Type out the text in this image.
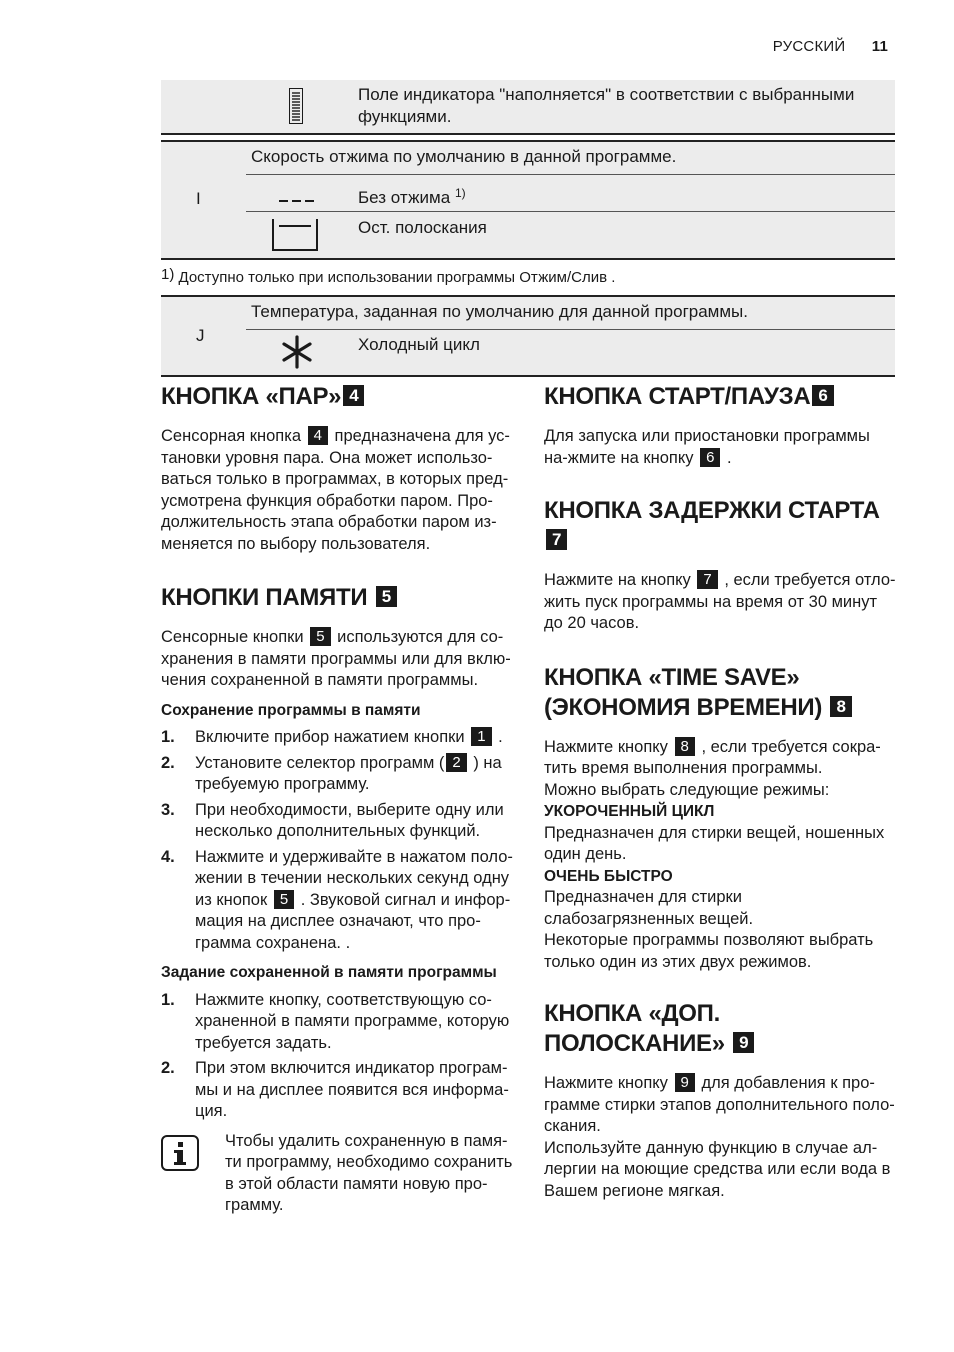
РУССКИЙ 11
Поле индикатора "наполняется" в соответствии с выбранными функциями.
I
Скорость отжима по умолчанию в данной программе.
Без отжима $^{1)}$
Ост. полоскания
1) Доступно только при использовании программы Отжим/Слив .
J
Температура, заданная по умолчанию для данной программы.
Холодный цикл
КНОПКА «ПАР» 4

Сенсорная кнопка 4 предназначена для ус-тановки уровня пара. Она может использо-ваться только в программах, в которых пред-усмотрена функция обработки паром. Про-должительность этапа обработки паром из-меняется по выбору пользователя.

КНОПКИ ПАМЯТИ 5

Сенсорные кнопки 5 используются для со-хранения в памяти программы или для вклю-чения сохраненной в памяти программы.

Сохранение программы в памяти

1. Включите прибор нажатием кнопки 1 .
2. Установите селектор программ ( 2 ) на требуемую программу.
3. При необходимости, выберите одну или несколько дополнительных функций.
4. Нажмите и удерживайте в нажатом поло-жении в течении нескольких секунд одну из кнопок 5 . Звуковой сигнал и инфор-мация на дисплее означают, что про-грамма сохранена. .

Задание сохраненной в памяти программы

1. Нажмите кнопку, соответствующую со-храненной в памяти программе, которую требуется задать.
2. При этом включится индикатор програм-мы и на дисплее появится вся информа-ция.

Чтобы удалить сохраненную в памя-ти программу, необходимо сохранить в этой области памяти новую про-грамму.

КНОПКА СТАРТ/ПАУЗА 6

Для запуска или приостановки программы на-жмите на кнопку 6 .

КНОПКА ЗАДЕРЖКИ СТАРТА 7

Нажмите на кнопку 7 , если требуется отло-жить пуск программы на время от 30 минут до 20 часов.

КНОПКА «TIME SAVE»
(ЭКОНОМИЯ ВРЕМЕНИ) 8

Нажмите кнопку 8 , если требуется сокра-тить время выполнения программы.

Можно выбрать следующие режимы:

УКОРОЧЕННЫЙ ЦИКЛ

Предназначен для стирки вещей, ношенных один день.

ОЧЕНЬ БЫСТРО

Предназначен для стирки слабозагрязненных вещей.

Некоторые программы позволяют выбрать только один из этих двух режимов.

КНОПКА «ДОП. ПОЛОСКАНИЕ» 9

Нажмите кнопку 9 для добавления к про-грамме стирки этапов дополнительного поло-скания.

Используйте данную функцию в случае ал-лергии на моющие средства или если вода в Вашем регионе мягкая.
